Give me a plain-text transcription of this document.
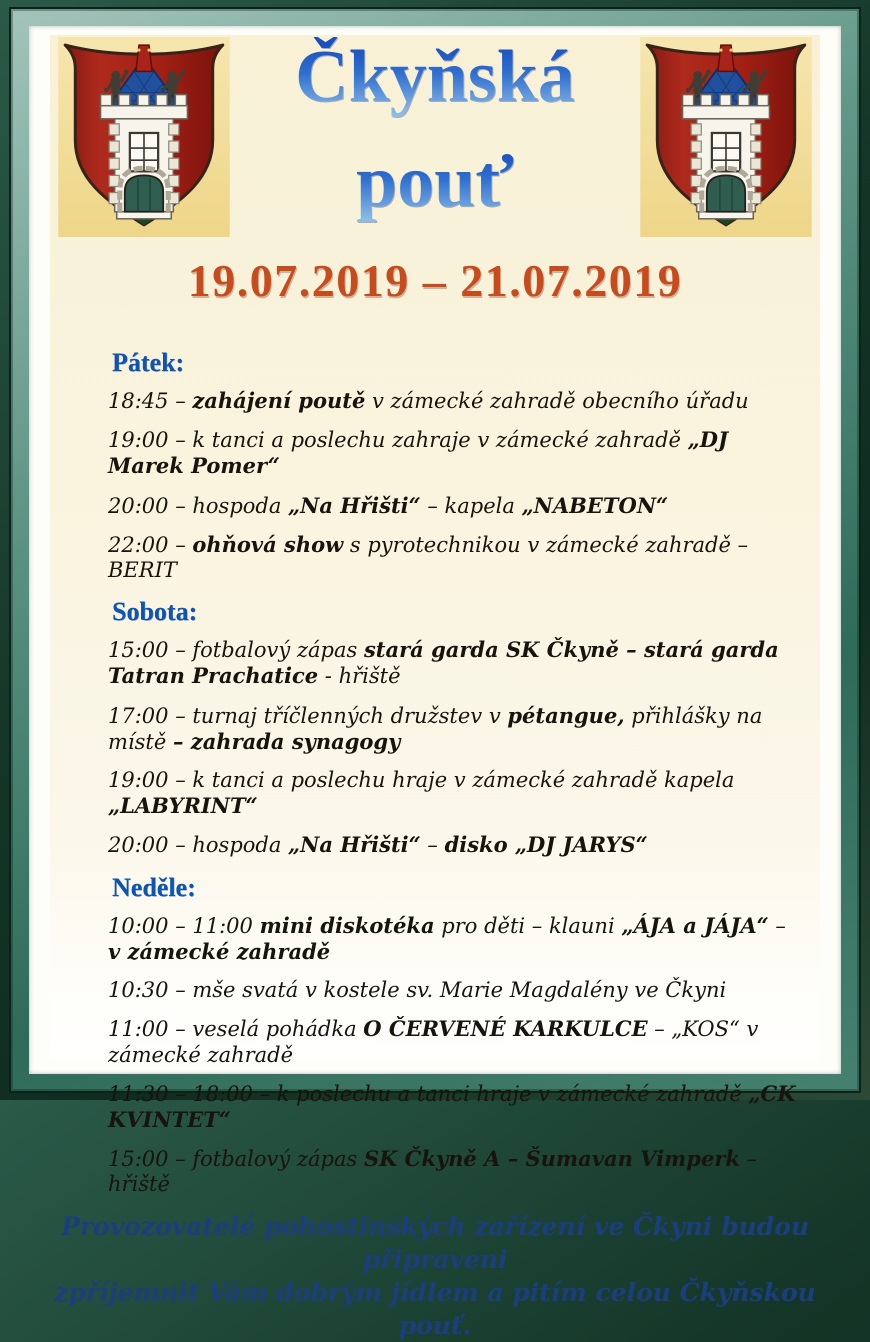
Čkyňská
pouť
19.07.2019 – 21.07.2019
Pátek:
18:45 – zahájení poutě v zámecké zahradě obecního úřadu
19:00 – k tanci a poslechu zahraje v zámecké zahradě „DJ Marek Pomer“
20:00 – hospoda „Na Hřišti“ – kapela „NABETON“
22:00 – ohňová show s pyrotechnikou v zámecké zahradě – BERIT
Sobota:
15:00 – fotbalový zápas stará garda SK Čkyně – stará garda Tatran Prachatice - hřiště
17:00 – turnaj tříčlenných družstev v pétangue, přihlášky na místě – zahrada synagogy
19:00 – k tanci a poslechu hraje v zámecké zahradě kapela „LABYRINT“
20:00 – hospoda „Na Hřišti“ – disko „DJ JARYS“
Neděle:
10:00 – 11:00 mini diskotéka pro děti – klauni „ÁJA a JÁJA“ – v zámecké zahradě
10:30 – mše svatá v kostele sv. Marie Magdalény ve Čkyni
11:00 – veselá pohádka O ČERVENÉ KARKULCE – „KOS“ v zámecké zahradě
11:30 – 18:00 – k poslechu a tanci hraje v zámecké zahradě „CK KVINTET“
15:00 – fotbalový zápas SK Čkyně A – Šumavan Vimperk – hřiště
Provozovatelé pohostinských zařízení ve Čkyni budou připraveni
zpříjemnit Vám dobrým jídlem a pitím celou Čkyňskou pouť.
